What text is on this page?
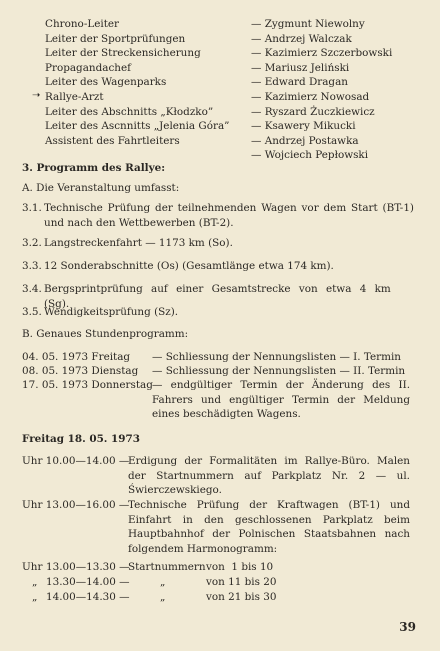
Chrono-Leiter	— Zygmunt Niewolny
Leiter der Sportprüfungen	— Andrzej Walczak
Leiter der Streckensicherung	— Kazimierz Szczerbowski
Propagandachef	— Mariusz Jeliński
Leiter des Wagenparks	— Edward Dragan
➝ Rallye-Arzt	— Kazimierz Nowosad
Leiter des Abschnitts „Kłodzko”	— Ryszard Żuczkiewicz
Leiter des Ascnnitts „Jelenia Góra” — Ksawery Mikucki
Assistent des Fahrtleiters	— Andrzej Postawka
— Wojciech Pepłowski
3. Programm des Rallye:
A. Die Veranstaltung umfasst:
3.1. Technische Prüfung der teilnehmenden Wagen vor dem Start (BT-1) und nach den Wettbewerben (BT-2).
3.2. Langstreckenfahrt — 1173 km (So).
3.3. 12 Sonderabschnitte (Os) (Gesamtlänge etwa 174 km).
3.4. Bergsprintprüfung auf einer Gesamtstrecke von etwa 4 km (Sg).
3.5. Wendigkeitsprüfung (Sz).
B. Genaues Stundenprogramm:
04. 05. 1973 Freitag — Schliessung der Nennungslisten — I. Termin
08. 05. 1973 Dienstag — Schliessung der Nennungslisten — II. Termin
17. 05. 1973 Donnerstag — endgültiger Termin der Änderung des II. Fahrers und engültiger Termin der Meldung eines beschädigten Wagens.
Freitag 18. 05. 1973
Uhr 10.00—14.00 —
Erdigung der Formalitäten im Rallye-Büro. Malen der Startnummern auf Parkplatz Nr. 2 — ul. Świerczewskiego.
Uhr 13.00—16.00 —
Technische Prüfung der Kraftwagen (BT-1) und Einfahrt in den geschlossenen Parkplatz beim Hauptbahnhof der Polnischen Staatsbahnen nach folgendem Harmonogramm:
Uhr 13.00—13.30 —
Startnummern von  1 bis 10
„ 13.30—14.00 —	„	von 11 bis 20
„ 14.00—14.30 —	„	von 21 bis 30
39
